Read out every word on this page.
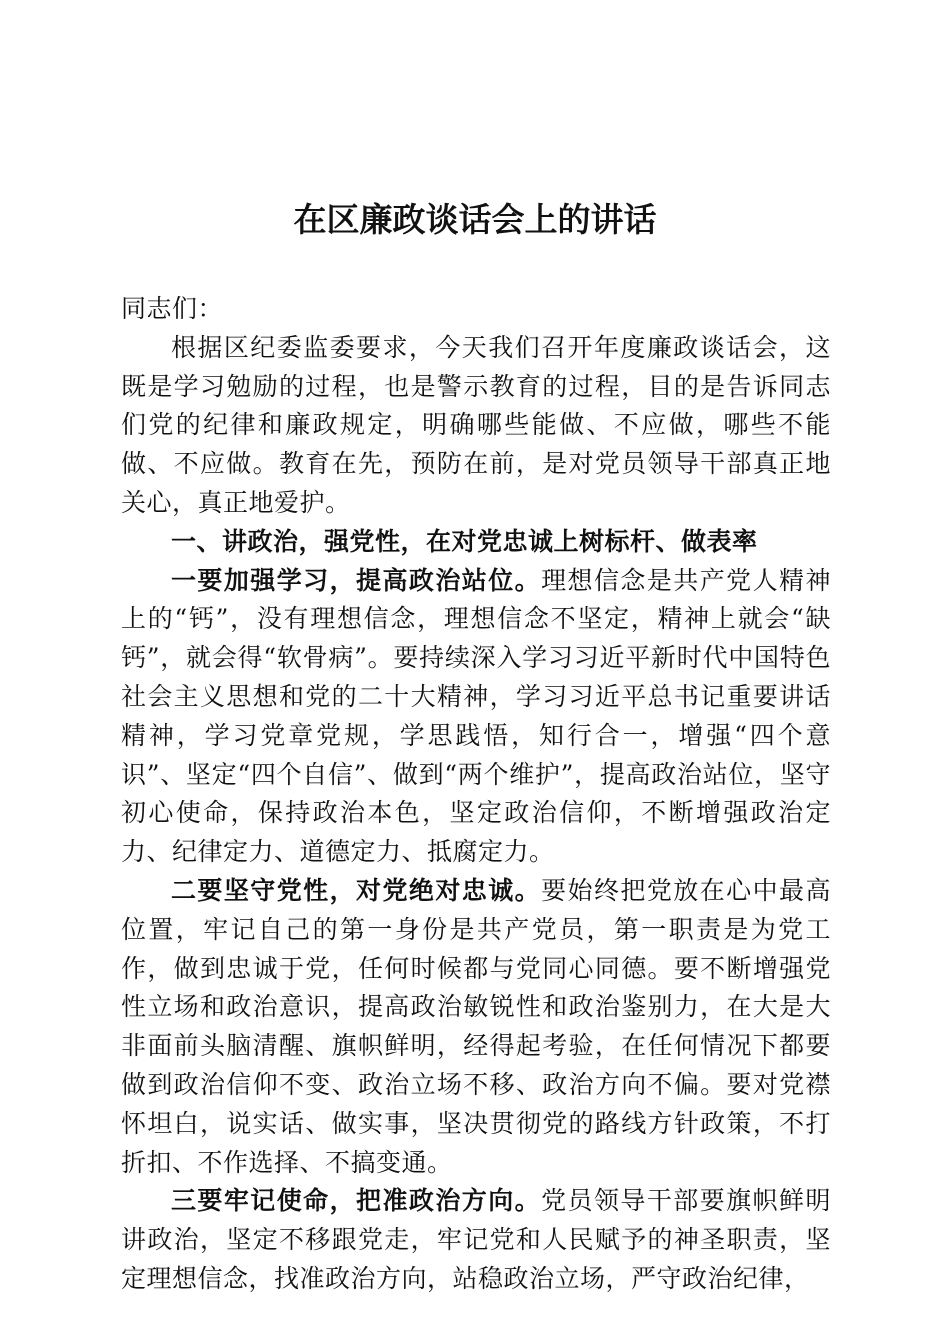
在区廉政谈话会上的讲话

同志们：

根据区纪委监委要求，今天我们召开年度廉政谈话会，这既是学习勉励的过程，也是警示教育的过程，目的是告诉同志们党的纪律和廉政规定，明确哪些能做、不应做，哪些不能做、不应做。教育在先，预防在前，是对党员领导干部真正地关心，真正地爱护。

一、讲政治，强党性，在对党忠诚上树标杆、做表率

一要加强学习，提高政治站位。理想信念是共产党人精神上的“钙”，没有理想信念，理想信念不坚定，精神上就会“缺钙”，就会得“软骨病”。要持续深入学习习近平新时代中国特色社会主义思想和党的二十大精神，学习习近平总书记重要讲话精神，学习党章党规，学思践悟，知行合一，增强“四个意识”、坚定“四个自信”、做到“两个维护”，提高政治站位，坚守初心使命，保持政治本色，坚定政治信仰，不断增强政治定力、纪律定力、道德定力、抵腐定力。

二要坚守党性，对党绝对忠诚。要始终把党放在心中最高位置，牢记自己的第一身份是共产党员，第一职责是为党工作，做到忠诚于党，任何时候都与党同心同德。要不断增强党性立场和政治意识，提高政治敏锐性和政治鉴别力，在大是大非面前头脑清醒、旗帜鲜明，经得起考验，在任何情况下都要做到政治信仰不变、政治立场不移、政治方向不偏。要对党襟怀坦白，说实话、做实事，坚决贯彻党的路线方针政策，不打折扣、不作选择、不搞变通。

三要牢记使命，把准政治方向。党员领导干部要旗帜鲜明讲政治，坚定不移跟党走，牢记党和人民赋予的神圣职责，坚定理想信念，找准政治方向，站稳政治立场，严守政治纪律，
